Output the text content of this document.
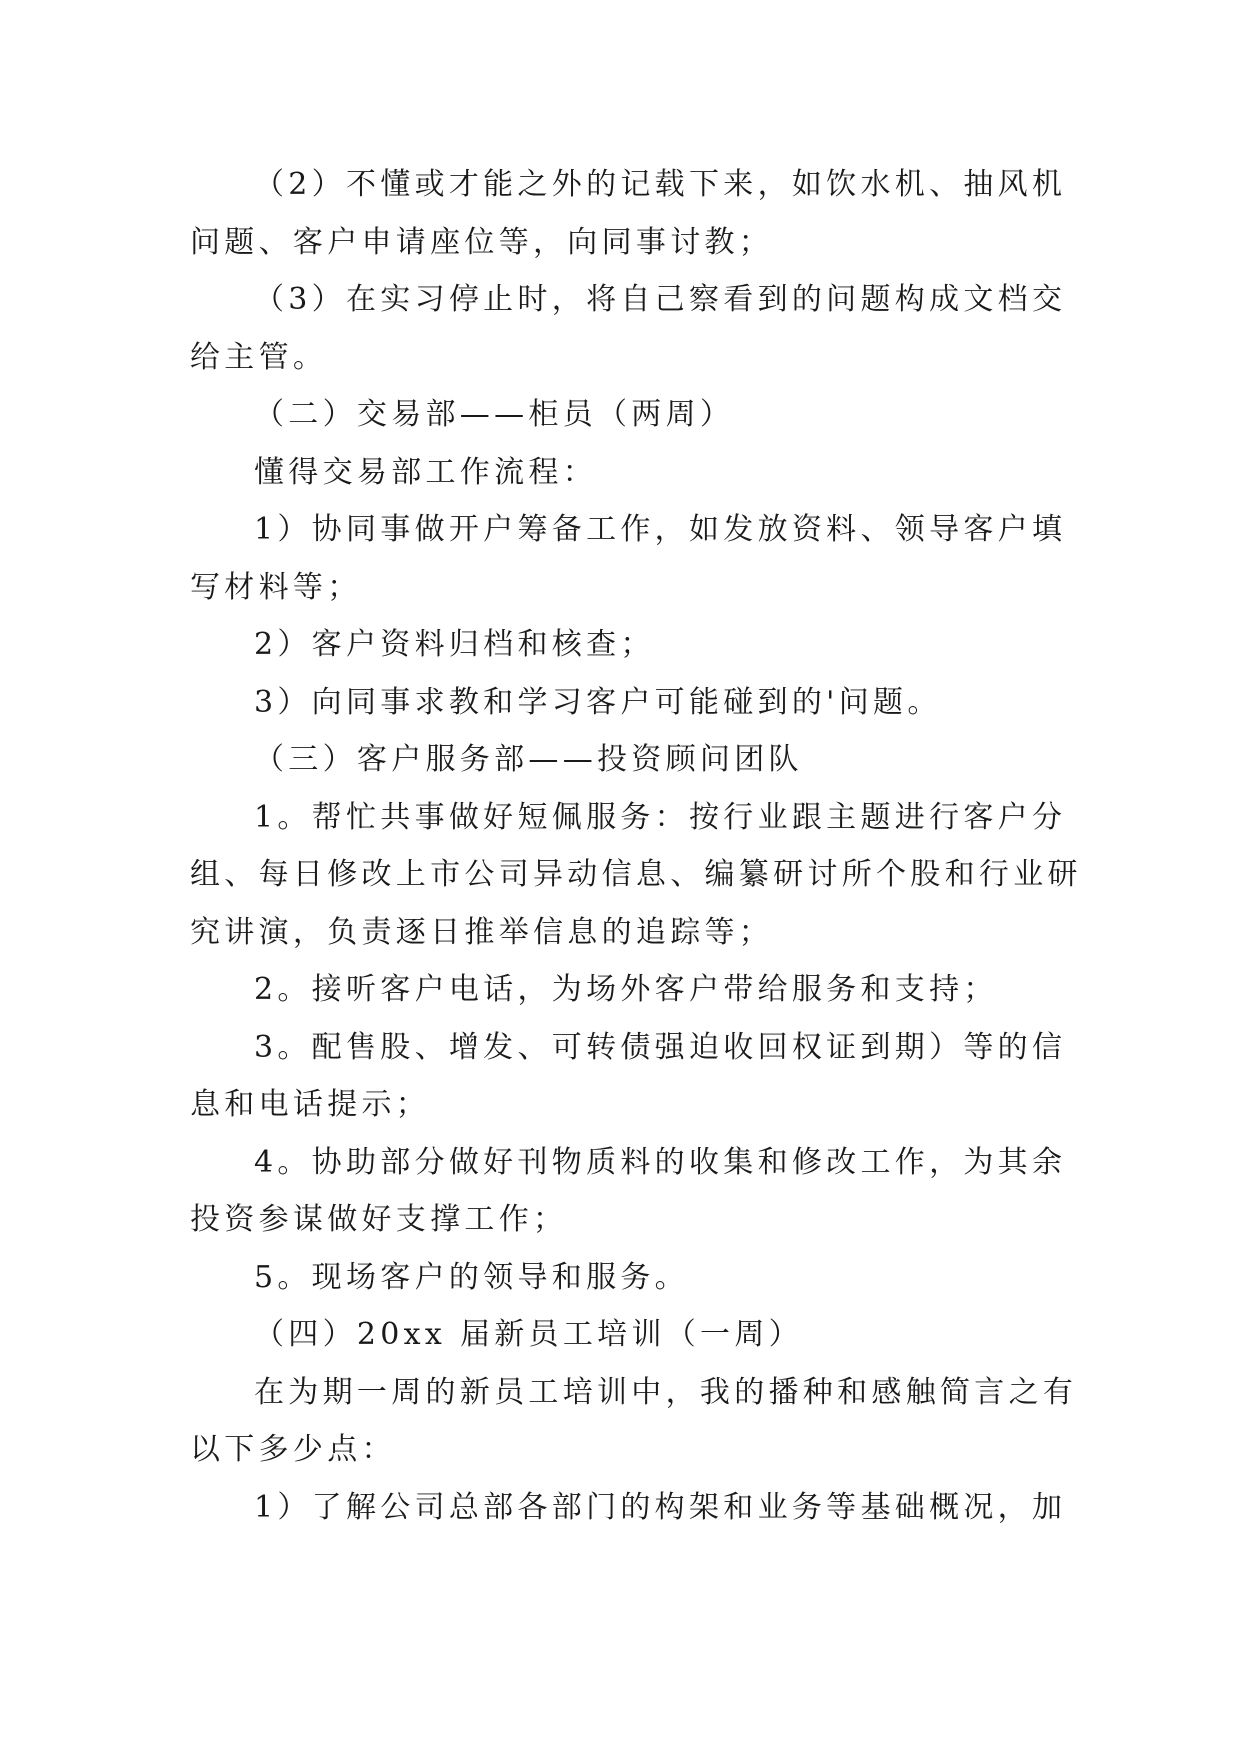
（2）不懂或才能之外的记载下来，如饮水机、抽风机
问题、客户申请座位等，向同事讨教；
（3）在实习停止时，将自己察看到的问题构成文档交
给主管。
（二）交易部——柜员（两周）
懂得交易部工作流程：
1）协同事做开户筹备工作，如发放资料、领导客户填
写材料等；
2）客户资料归档和核查；
3）向同事求教和学习客户可能碰到的'问题。
（三）客户服务部——投资顾问团队
1。帮忙共事做好短佩服务：按行业跟主题进行客户分
组、每日修改上市公司异动信息、编纂研讨所个股和行业研
究讲演，负责逐日推举信息的追踪等；
2。接听客户电话，为场外客户带给服务和支持；
3。配售股、增发、可转债强迫收回权证到期）等的信
息和电话提示；
4。协助部分做好刊物质料的收集和修改工作，为其余
投资参谋做好支撑工作；
5。现场客户的领导和服务。
（四）20xx 届新员工培训（一周）
在为期一周的新员工培训中，我的播种和感触简言之有
以下多少点：
1）了解公司总部各部门的构架和业务等基础概况，加
